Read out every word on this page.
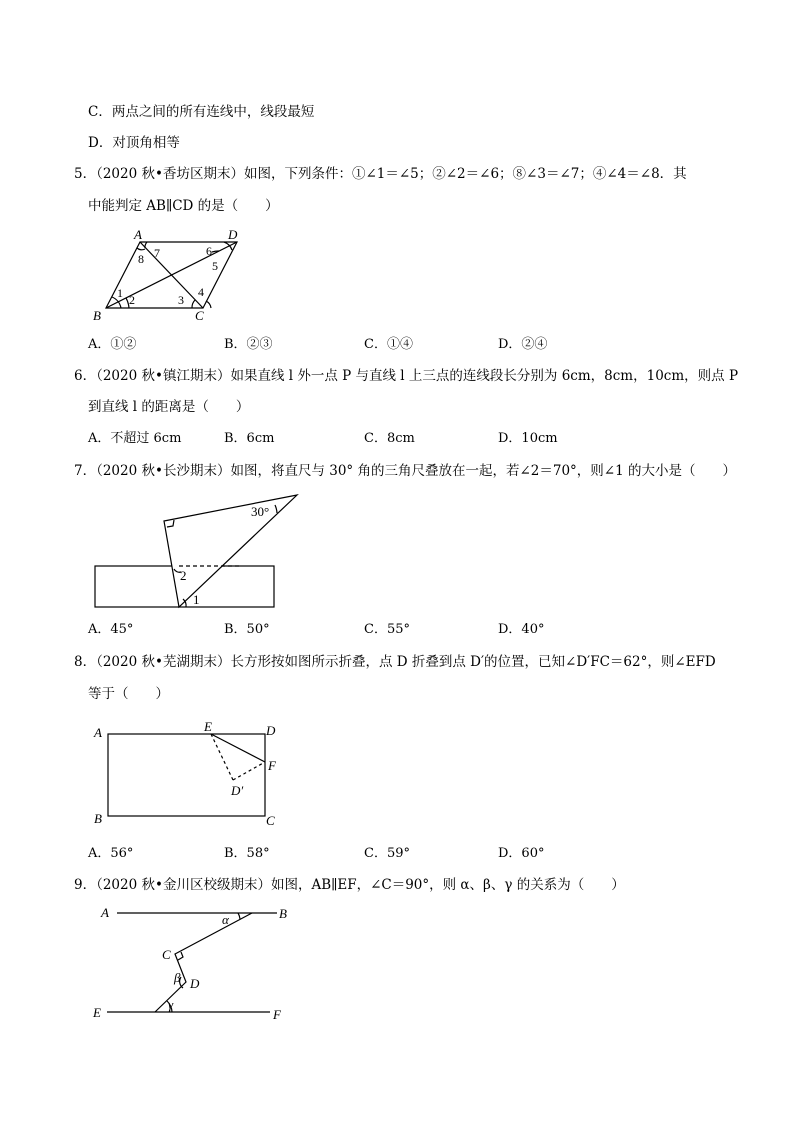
C．两点之间的所有连线中，线段最短
D．对顶角相等
5．（2020 秋•香坊区期末）如图，下列条件：①∠1＝∠5；②∠2＝∠6；⑧∠3＝∠7；④∠4＝∠8．其
中能判定 AB∥CD 的是（　　）
A	D
B	C
1 2	3
4
5
6
7
8
A．①②	B．②③	C．①④	D．②④
6．（2020 秋•镇江期末）如果直线 l 外一点 P 与直线 l 上三点的连线段长分别为 6cm，8cm，10cm，则点 P
到直线 l 的距离是（　　）
A．不超过 6cm	B．6cm	C．8cm	D．10cm
7．（2020 秋•长沙期末）如图，将直尺与 30° 角的三角尺叠放在一起，若∠2＝70°，则∠1 的大小是（　　）
30°
2
1
A．45°	B．50°	C．55°	D．40°
8．（2020 秋•芜湖期末）长方形按如图所示折叠，点 D 折叠到点 D′的位置，已知∠D′FC＝62°，则∠EFD
等于（　　）
A	E	D
F
D′
B	C
A．56°	B．58°	C．59°	D．60°
9．（2020 秋•金川区校级期末）如图，AB∥EF，∠C＝90°，则 α、β、γ 的关系为（　　）
A	B
C
D
E	F
α
β
γ
